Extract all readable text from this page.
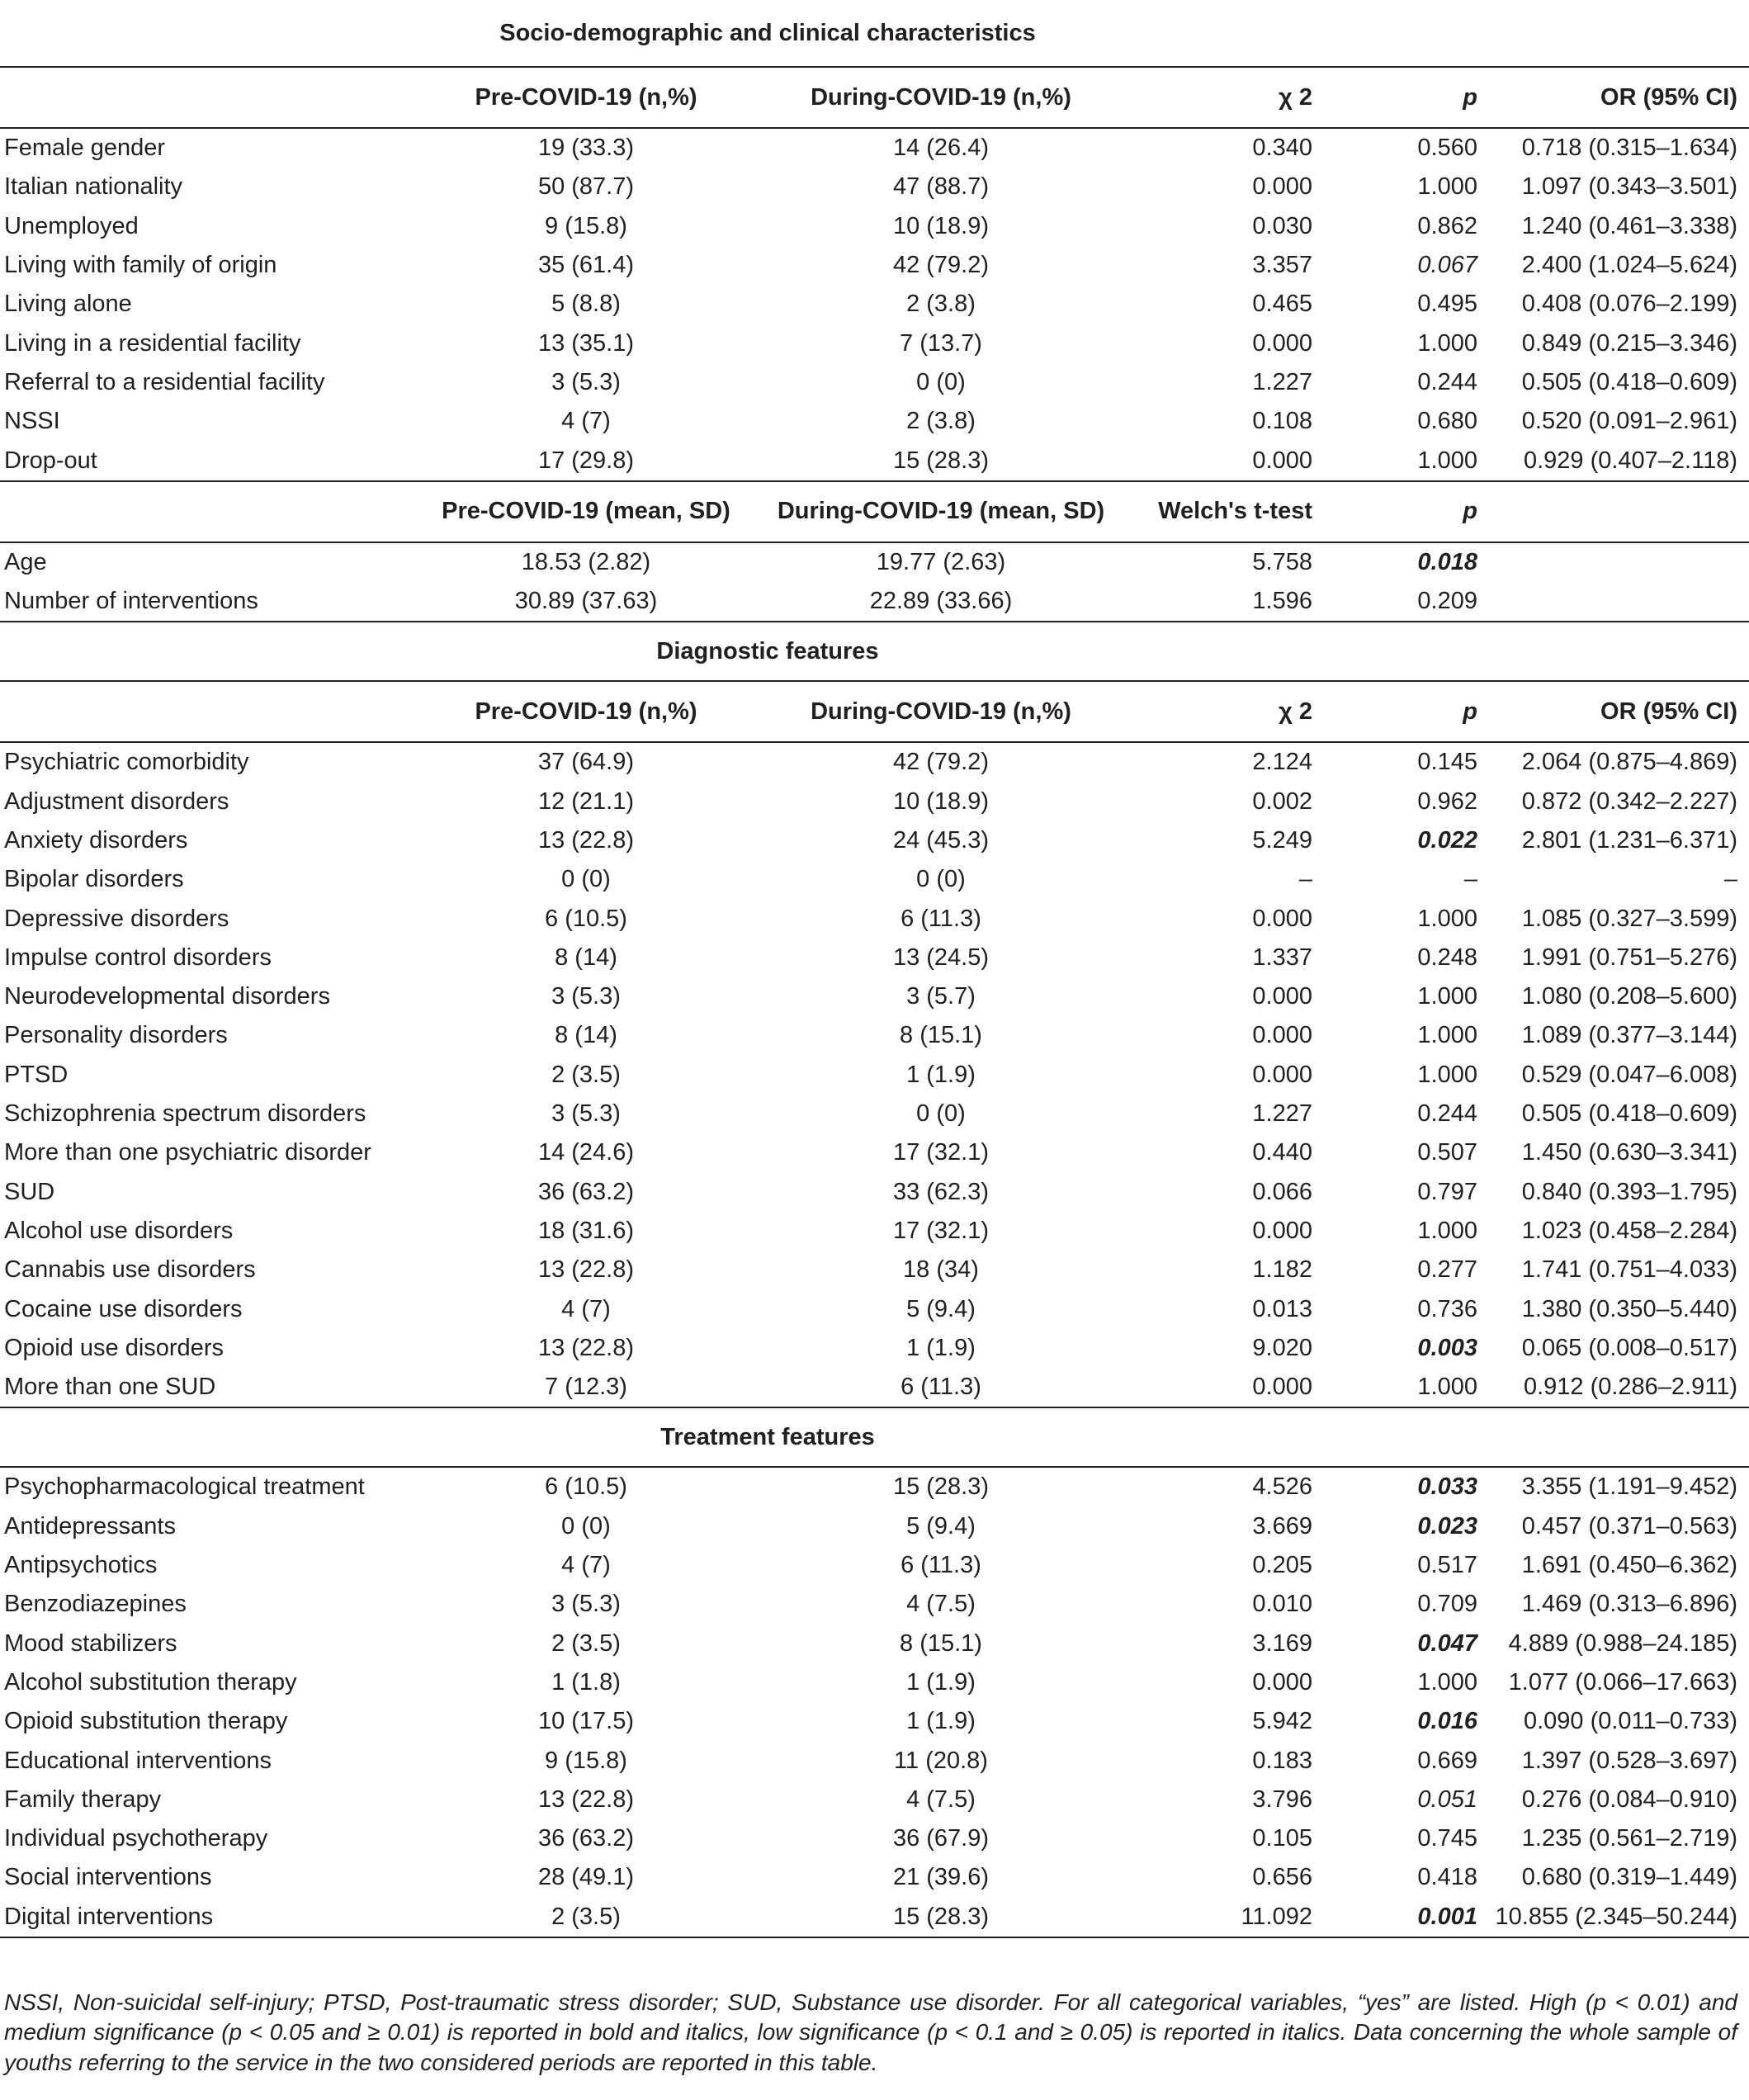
	Socio-demographic and clinical characteristics				
	Pre-COVID-19 (n,%)	During-COVID-19 (n,%)	χ 2	p	OR (95% CI)
Female gender	19 (33.3)	14 (26.4)	0.340	0.560	0.718 (0.315–1.634)
Italian nationality	50 (87.7)	47 (88.7)	0.000	1.000	1.097 (0.343–3.501)
Unemployed	9 (15.8)	10 (18.9)	0.030	0.862	1.240 (0.461–3.338)
Living with family of origin	35 (61.4)	42 (79.2)	3.357	0.067	2.400 (1.024–5.624)
Living alone	5 (8.8)	2 (3.8)	0.465	0.495	0.408 (0.076–2.199)
Living in a residential facility	13 (35.1)	7 (13.7)	0.000	1.000	0.849 (0.215–3.346)
Referral to a residential facility	3 (5.3)	0 (0)	1.227	0.244	0.505 (0.418–0.609)
NSSI	4 (7)	2 (3.8)	0.108	0.680	0.520 (0.091–2.961)
Drop-out	17 (29.8)	15 (28.3)	0.000	1.000	0.929 (0.407–2.118)
	Pre-COVID-19 (mean, SD)	During-COVID-19 (mean, SD)	Welch's t-test	p	
Age	18.53 (2.82)	19.77 (2.63)	5.758	0.018	
Number of interventions	30.89 (37.63)	22.89 (33.66)	1.596	0.209	
	Diagnostic features				
	Pre-COVID-19 (n,%)	During-COVID-19 (n,%)	χ 2	p	OR (95% CI)
Psychiatric comorbidity	37 (64.9)	42 (79.2)	2.124	0.145	2.064 (0.875–4.869)
Adjustment disorders	12 (21.1)	10 (18.9)	0.002	0.962	0.872 (0.342–2.227)
Anxiety disorders	13 (22.8)	24 (45.3)	5.249	0.022	2.801 (1.231–6.371)
Bipolar disorders	0 (0)	0 (0)	–	–	–
Depressive disorders	6 (10.5)	6 (11.3)	0.000	1.000	1.085 (0.327–3.599)
Impulse control disorders	8 (14)	13 (24.5)	1.337	0.248	1.991 (0.751–5.276)
Neurodevelopmental disorders	3 (5.3)	3 (5.7)	0.000	1.000	1.080 (0.208–5.600)
Personality disorders	8 (14)	8 (15.1)	0.000	1.000	1.089 (0.377–3.144)
PTSD	2 (3.5)	1 (1.9)	0.000	1.000	0.529 (0.047–6.008)
Schizophrenia spectrum disorders	3 (5.3)	0 (0)	1.227	0.244	0.505 (0.418–0.609)
More than one psychiatric disorder	14 (24.6)	17 (32.1)	0.440	0.507	1.450 (0.630–3.341)
SUD	36 (63.2)	33 (62.3)	0.066	0.797	0.840 (0.393–1.795)
Alcohol use disorders	18 (31.6)	17 (32.1)	0.000	1.000	1.023 (0.458–2.284)
Cannabis use disorders	13 (22.8)	18 (34)	1.182	0.277	1.741 (0.751–4.033)
Cocaine use disorders	4 (7)	5 (9.4)	0.013	0.736	1.380 (0.350–5.440)
Opioid use disorders	13 (22.8)	1 (1.9)	9.020	0.003	0.065 (0.008–0.517)
More than one SUD	7 (12.3)	6 (11.3)	0.000	1.000	0.912 (0.286–2.911)
	Treatment features				
Psychopharmacological treatment	6 (10.5)	15 (28.3)	4.526	0.033	3.355 (1.191–9.452)
Antidepressants	0 (0)	5 (9.4)	3.669	0.023	0.457 (0.371–0.563)
Antipsychotics	4 (7)	6 (11.3)	0.205	0.517	1.691 (0.450–6.362)
Benzodiazepines	3 (5.3)	4 (7.5)	0.010	0.709	1.469 (0.313–6.896)
Mood stabilizers	2 (3.5)	8 (15.1)	3.169	0.047	4.889 (0.988–24.185)
Alcohol substitution therapy	1 (1.8)	1 (1.9)	0.000	1.000	1.077 (0.066–17.663)
Opioid substitution therapy	10 (17.5)	1 (1.9)	5.942	0.016	0.090 (0.011–0.733)
Educational interventions	9 (15.8)	11 (20.8)	0.183	0.669	1.397 (0.528–3.697)
Family therapy	13 (22.8)	4 (7.5)	3.796	0.051	0.276 (0.084–0.910)
Individual psychotherapy	36 (63.2)	36 (67.9)	0.105	0.745	1.235 (0.561–2.719)
Social interventions	28 (49.1)	21 (39.6)	0.656	0.418	0.680 (0.319–1.449)
Digital interventions	2 (3.5)	15 (28.3)	11.092	0.001	10.855 (2.345–50.244)
NSSI, Non-suicidal self-injury; PTSD, Post-traumatic stress disorder; SUD, Substance use disorder. For all categorical variables, “yes” are listed. High (p < 0.01) and medium significance (p < 0.05 and ≥ 0.01) is reported in bold and italics, low significance (p < 0.1 and ≥ 0.05) is reported in italics. Data concerning the whole sample of youths referring to the service in the two considered periods are reported in this table.
